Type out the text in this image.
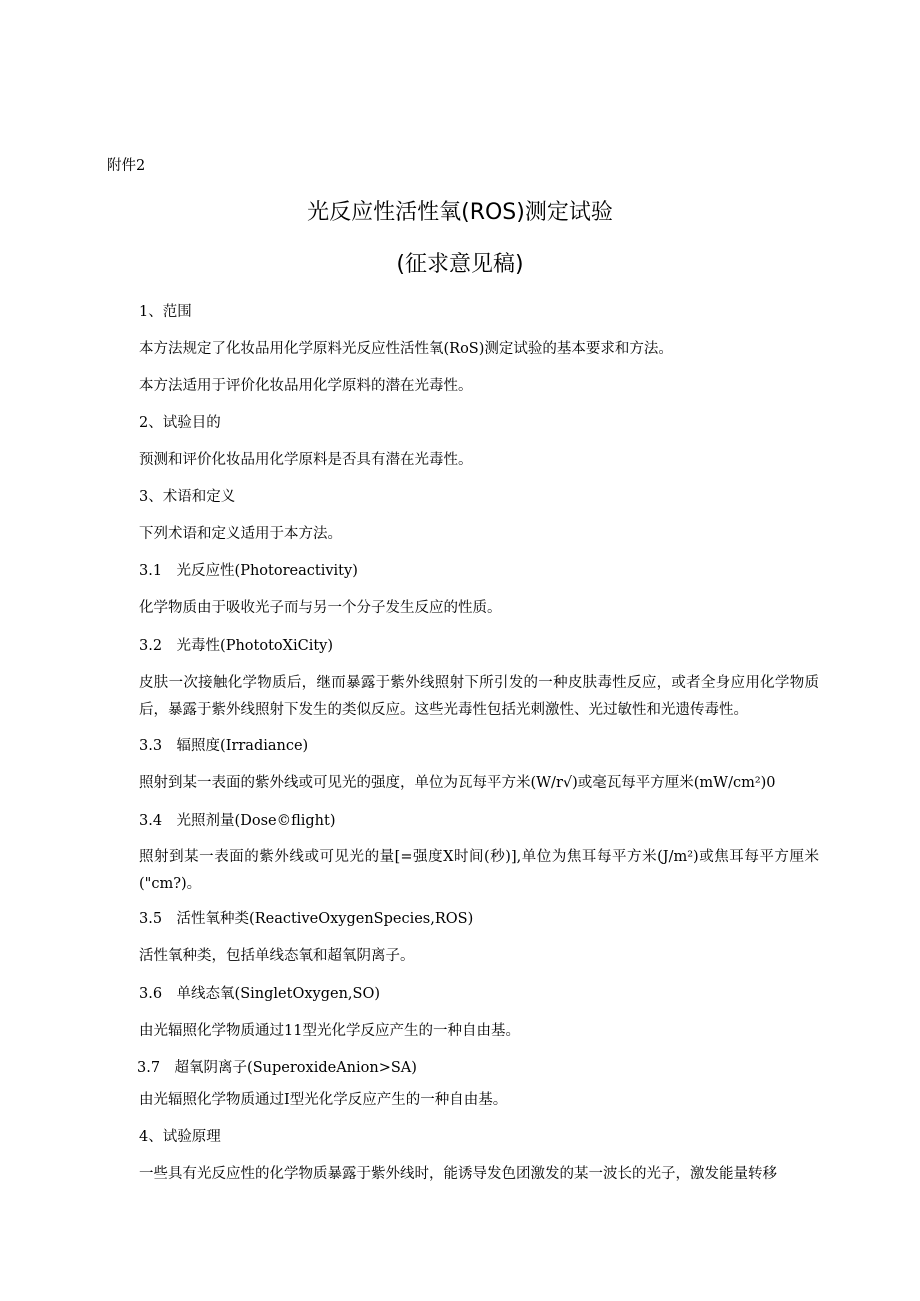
附件2
光反应性活性氧(ROS)测定试验
(征求意见稿)
1、范围
本方法规定了化妆品用化学原料光反应性活性氧(RoS)测定试验的基本要求和方法。
本方法适用于评价化妆品用化学原料的潜在光毒性。
2、试验目的
预测和评价化妆品用化学原料是否具有潜在光毒性。
3、术语和定义
下列术语和定义适用于本方法。
3.1　光反应性(Photoreactivity)
化学物质由于吸收光子而与另一个分子发生反应的性质。
3.2　光毒性(PhototoXiCity)
皮肤一次接触化学物质后，继而暴露于紫外线照射下所引发的一种皮肤毒性反应，或者全身应用化学物质后，暴露于紫外线照射下发生的类似反应。这些光毒性包括光刺激性、光过敏性和光遗传毒性。
3.3　辐照度(Irradiance)
照射到某一表面的紫外线或可见光的强度，单位为瓦每平方米(W/r√)或毫瓦每平方厘米(mW/cm²)0
3.4　光照剂量(Dose©flight)
照射到某一表面的紫外线或可见光的量[=强度X时间(秒)],单位为焦耳每平方米(J/m²)或焦耳每平方厘米("cm?)。
3.5　活性氧种类(ReactiveOxygenSpecies,ROS)
活性氧种类，包括单线态氧和超氧阴离子。
3.6　单线态氧(SingletOxygen,SO)
由光辐照化学物质通过11型光化学反应产生的一种自由基。
3.7　超氧阴离子(SuperoxideAnion>SA)
由光辐照化学物质通过I型光化学反应产生的一种自由基。
4、试验原理
一些具有光反应性的化学物质暴露于紫外线时，能诱导发色团激发的某一波长的光子，激发能量转移
